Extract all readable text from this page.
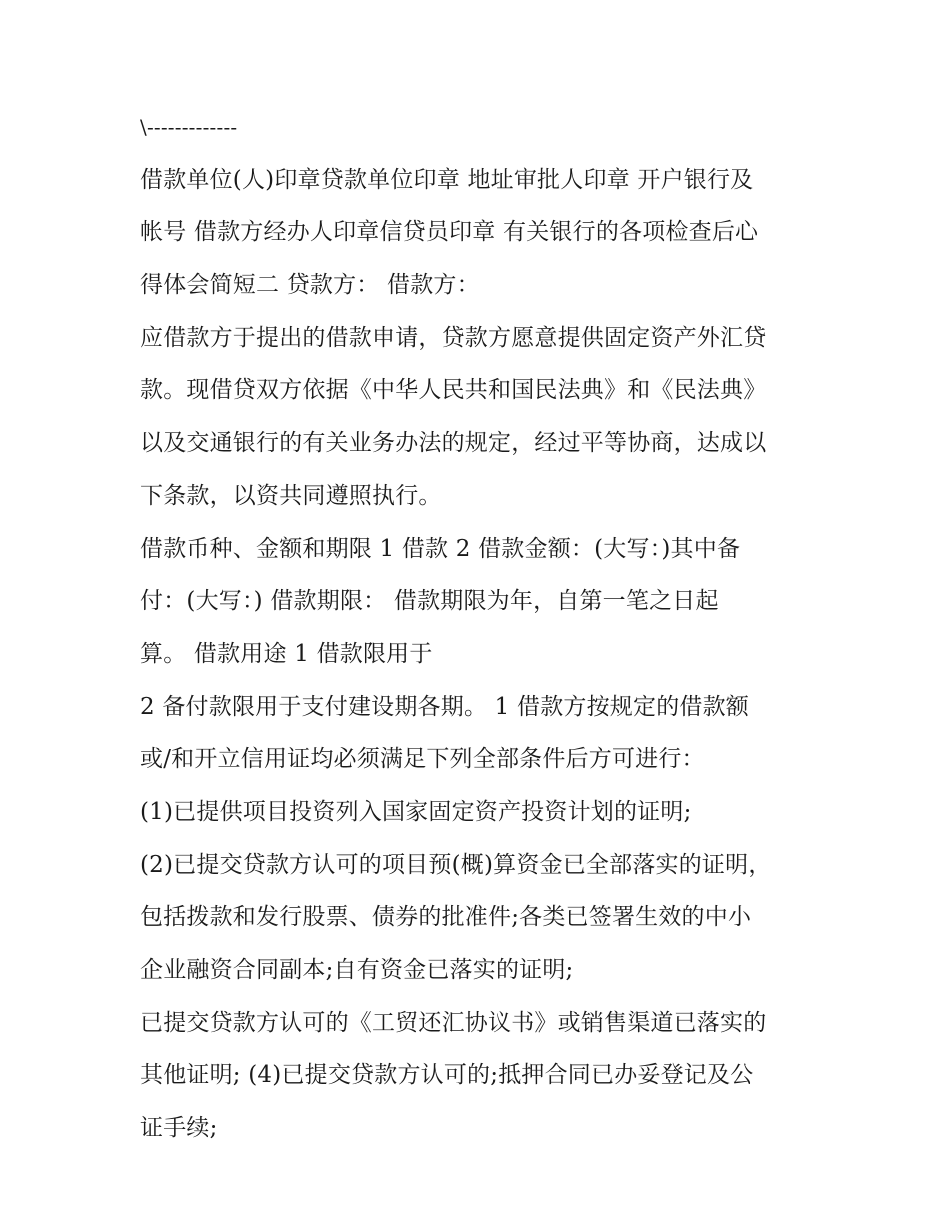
\-------------
借款单位(人)印章贷款单位印章 地址审批人印章 开户银行及
帐号 借款方经办人印章信贷员印章 有关银行的各项检查后心
得体会简短二 贷款方： 借款方：
应借款方于提出的借款申请，贷款方愿意提供固定资产外汇贷
款。现借贷双方依据《中华人民共和国民法典》和《民法典》
以及交通银行的有关业务办法的规定，经过平等协商，达成以
下条款，以资共同遵照执行。
借款币种、金额和期限 1 借款 2 借款金额：(大写：)其中备
付：(大写：) 借款期限： 借款期限为年，自第一笔之日起
算。 借款用途 1 借款限用于
2 备付款限用于支付建设期各期。 1 借款方按规定的借款额
或/和开立信用证均必须满足下列全部条件后方可进行：
(1)已提供项目投资列入国家固定资产投资计划的证明;
(2)已提交贷款方认可的项目预(概)算资金已全部落实的证明，
包括拨款和发行股票、债券的批准件;各类已签署生效的中小
企业融资合同副本;自有资金已落实的证明;
已提交贷款方认可的《工贸还汇协议书》或销售渠道已落实的
其他证明; (4)已提交贷款方认可的;抵押合同已办妥登记及公
证手续;
